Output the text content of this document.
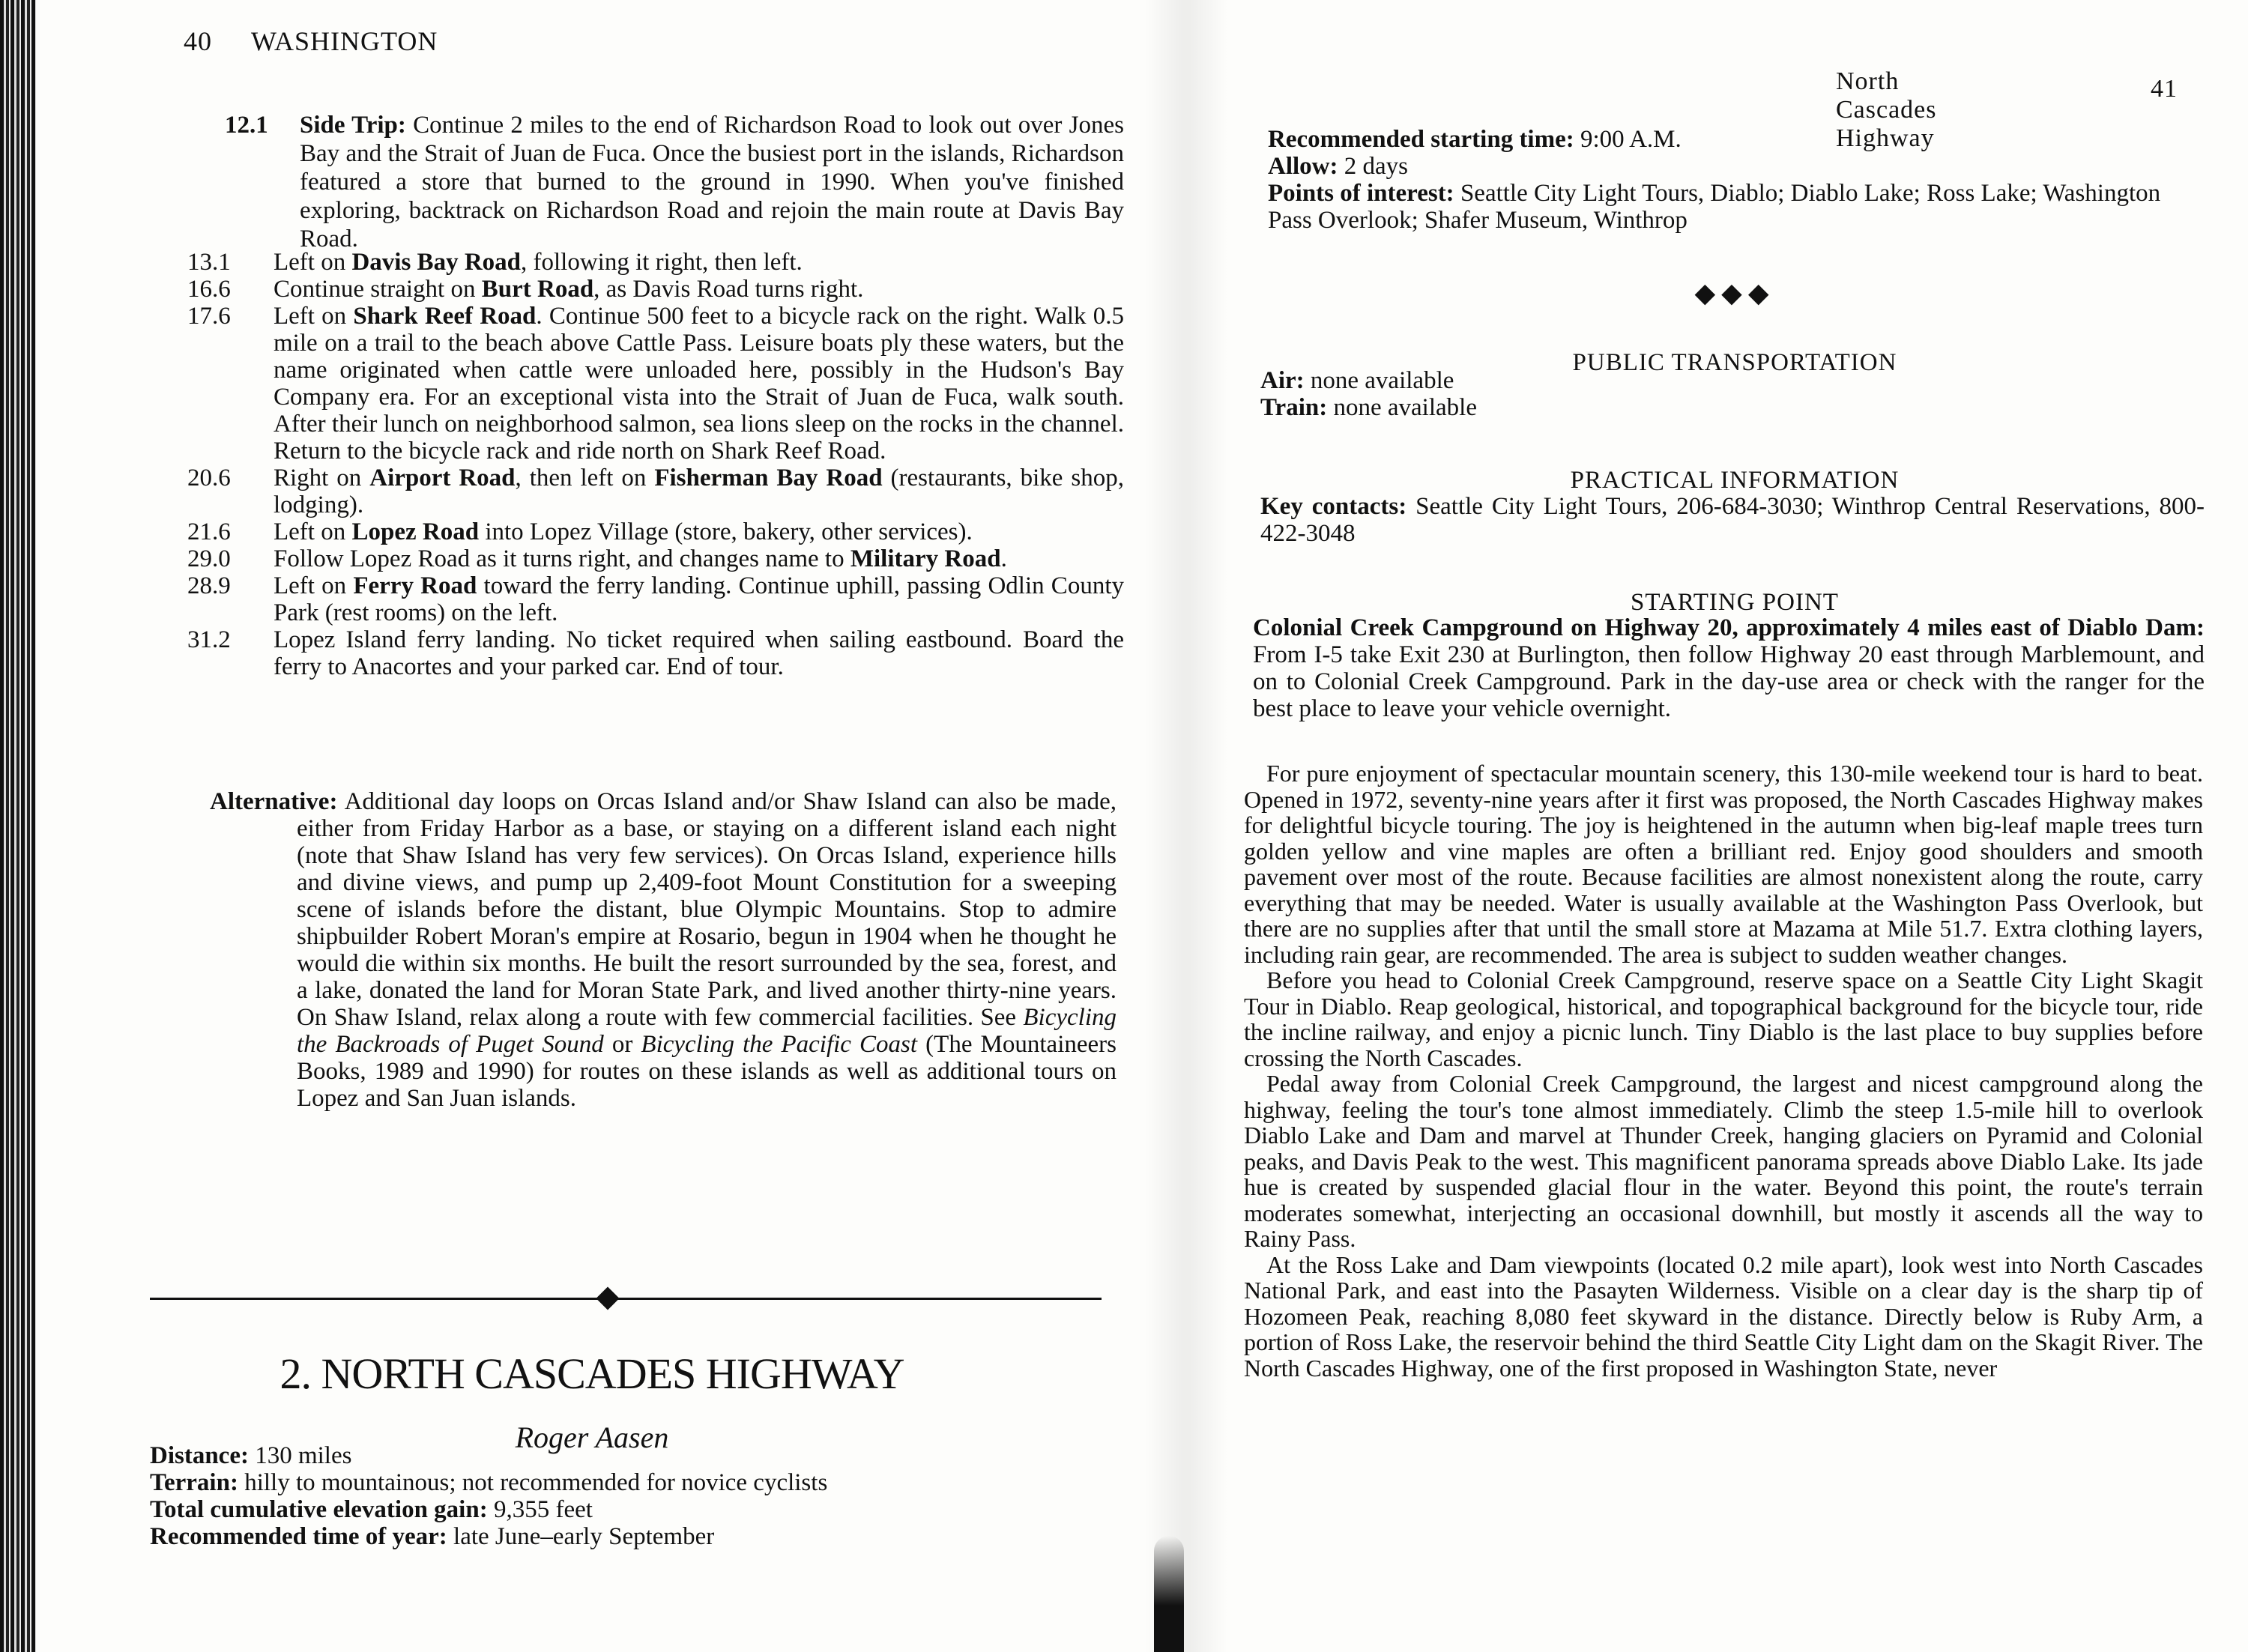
40 WASHINGTON
12.1	Side Trip: Continue 2 miles to the end of Richardson Road to look out over Jones Bay and the Strait of Juan de Fuca. Once the busiest port in the islands, Richardson featured a store that burned to the ground in 1990. When you've finished exploring, backtrack on Richardson Road and rejoin the main route at Davis Bay Road.
13.1	Left on Davis Bay Road, following it right, then left.
16.6	Continue straight on Burt Road, as Davis Road turns right.
17.6	Left on Shark Reef Road. Continue 500 feet to a bicycle rack on the right. Walk 0.5 mile on a trail to the beach above Cattle Pass. Leisure boats ply these waters, but the name originated when cattle were unloaded here, possibly in the Hudson's Bay Company era. For an exceptional vista into the Strait of Juan de Fuca, walk south. After their lunch on neighborhood salmon, sea lions sleep on the rocks in the channel. Return to the bicycle rack and ride north on Shark Reef Road.
20.6	Right on Airport Road, then left on Fisherman Bay Road (restaurants, bike shop, lodging).
21.6	Left on Lopez Road into Lopez Village (store, bakery, other services).
29.0	Follow Lopez Road as it turns right, and changes name to Military Road.
28.9	Left on Ferry Road toward the ferry landing. Continue uphill, passing Odlin County Park (rest rooms) on the left.
31.2	Lopez Island ferry landing. No ticket required when sailing eastbound. Board the ferry to Anacortes and your parked car. End of tour.
Alternative: Additional day loops on Orcas Island and/or Shaw Island can also be made, either from Friday Harbor as a base, or staying on a different island each night (note that Shaw Island has very few services). On Orcas Island, experience hills and divine views, and pump up 2,409-foot Mount Constitution for a sweeping scene of islands before the distant, blue Olympic Mountains. Stop to admire shipbuilder Robert Moran's empire at Rosario, begun in 1904 when he thought he would die within six months. He built the resort surrounded by the sea, forest, and a lake, donated the land for Moran State Park, and lived another thirty-nine years. On Shaw Island, relax along a route with few commercial facilities. See Bicycling the Backroads of Puget Sound or Bicycling the Pacific Coast (The Mountaineers Books, 1989 and 1990) for routes on these islands as well as additional tours on Lopez and San Juan islands.
2. NORTH CASCADES HIGHWAY
Roger Aasen
Distance: 130 miles
Terrain: hilly to mountainous; not recommended for novice cyclists
Total cumulative elevation gain: 9,355 feet
Recommended time of year: late June–early September
North Cascades Highway
41
Recommended starting time: 9:00 A.M.
Allow: 2 days
Points of interest: Seattle City Light Tours, Diablo; Diablo Lake; Ross Lake; Washington Pass Overlook; Shafer Museum, Winthrop
◆◆◆
PUBLIC TRANSPORTATION
Air: none available
Train: none available
PRACTICAL INFORMATION
Key contacts: Seattle City Light Tours, 206-684-3030; Winthrop Central Reservations, 800-422-3048
STARTING POINT
Colonial Creek Campground on Highway 20, approximately 4 miles east of Diablo Dam: From I-5 take Exit 230 at Burlington, then follow Highway 20 east through Marblemount, and on to Colonial Creek Campground. Park in the day-use area or check with the ranger for the best place to leave your vehicle overnight.
For pure enjoyment of spectacular mountain scenery, this 130-mile weekend tour is hard to beat. Opened in 1972, seventy-nine years after it first was proposed, the North Cascades Highway makes for delightful bicycle touring. The joy is heightened in the autumn when big-leaf maple trees turn golden yellow and vine maples are often a brilliant red. Enjoy good shoulders and smooth pavement over most of the route. Because facilities are almost nonexistent along the route, carry everything that may be needed. Water is usually available at the Washington Pass Overlook, but there are no supplies after that until the small store at Mazama at Mile 51.7. Extra clothing layers, including rain gear, are recommended. The area is subject to sudden weather changes.
Before you head to Colonial Creek Campground, reserve space on a Seattle City Light Skagit Tour in Diablo. Reap geological, historical, and topographical background for the bicycle tour, ride the incline railway, and enjoy a picnic lunch. Tiny Diablo is the last place to buy supplies before crossing the North Cascades.
Pedal away from Colonial Creek Campground, the largest and nicest campground along the highway, feeling the tour's tone almost immediately. Climb the steep 1.5-mile hill to overlook Diablo Lake and Dam and marvel at Thunder Creek, hanging glaciers on Pyramid and Colonial peaks, and Davis Peak to the west. This magnificent panorama spreads above Diablo Lake. Its jade hue is created by suspended glacial flour in the water. Beyond this point, the route's terrain moderates somewhat, interjecting an occasional downhill, but mostly it ascends all the way to Rainy Pass.
At the Ross Lake and Dam viewpoints (located 0.2 mile apart), look west into North Cascades National Park, and east into the Pasayten Wilderness. Visible on a clear day is the sharp tip of Hozomeen Peak, reaching 8,080 feet skyward in the distance. Directly below is Ruby Arm, a portion of Ross Lake, the reservoir behind the third Seattle City Light dam on the Skagit River. The North Cascades Highway, one of the first proposed in Washington State, never
